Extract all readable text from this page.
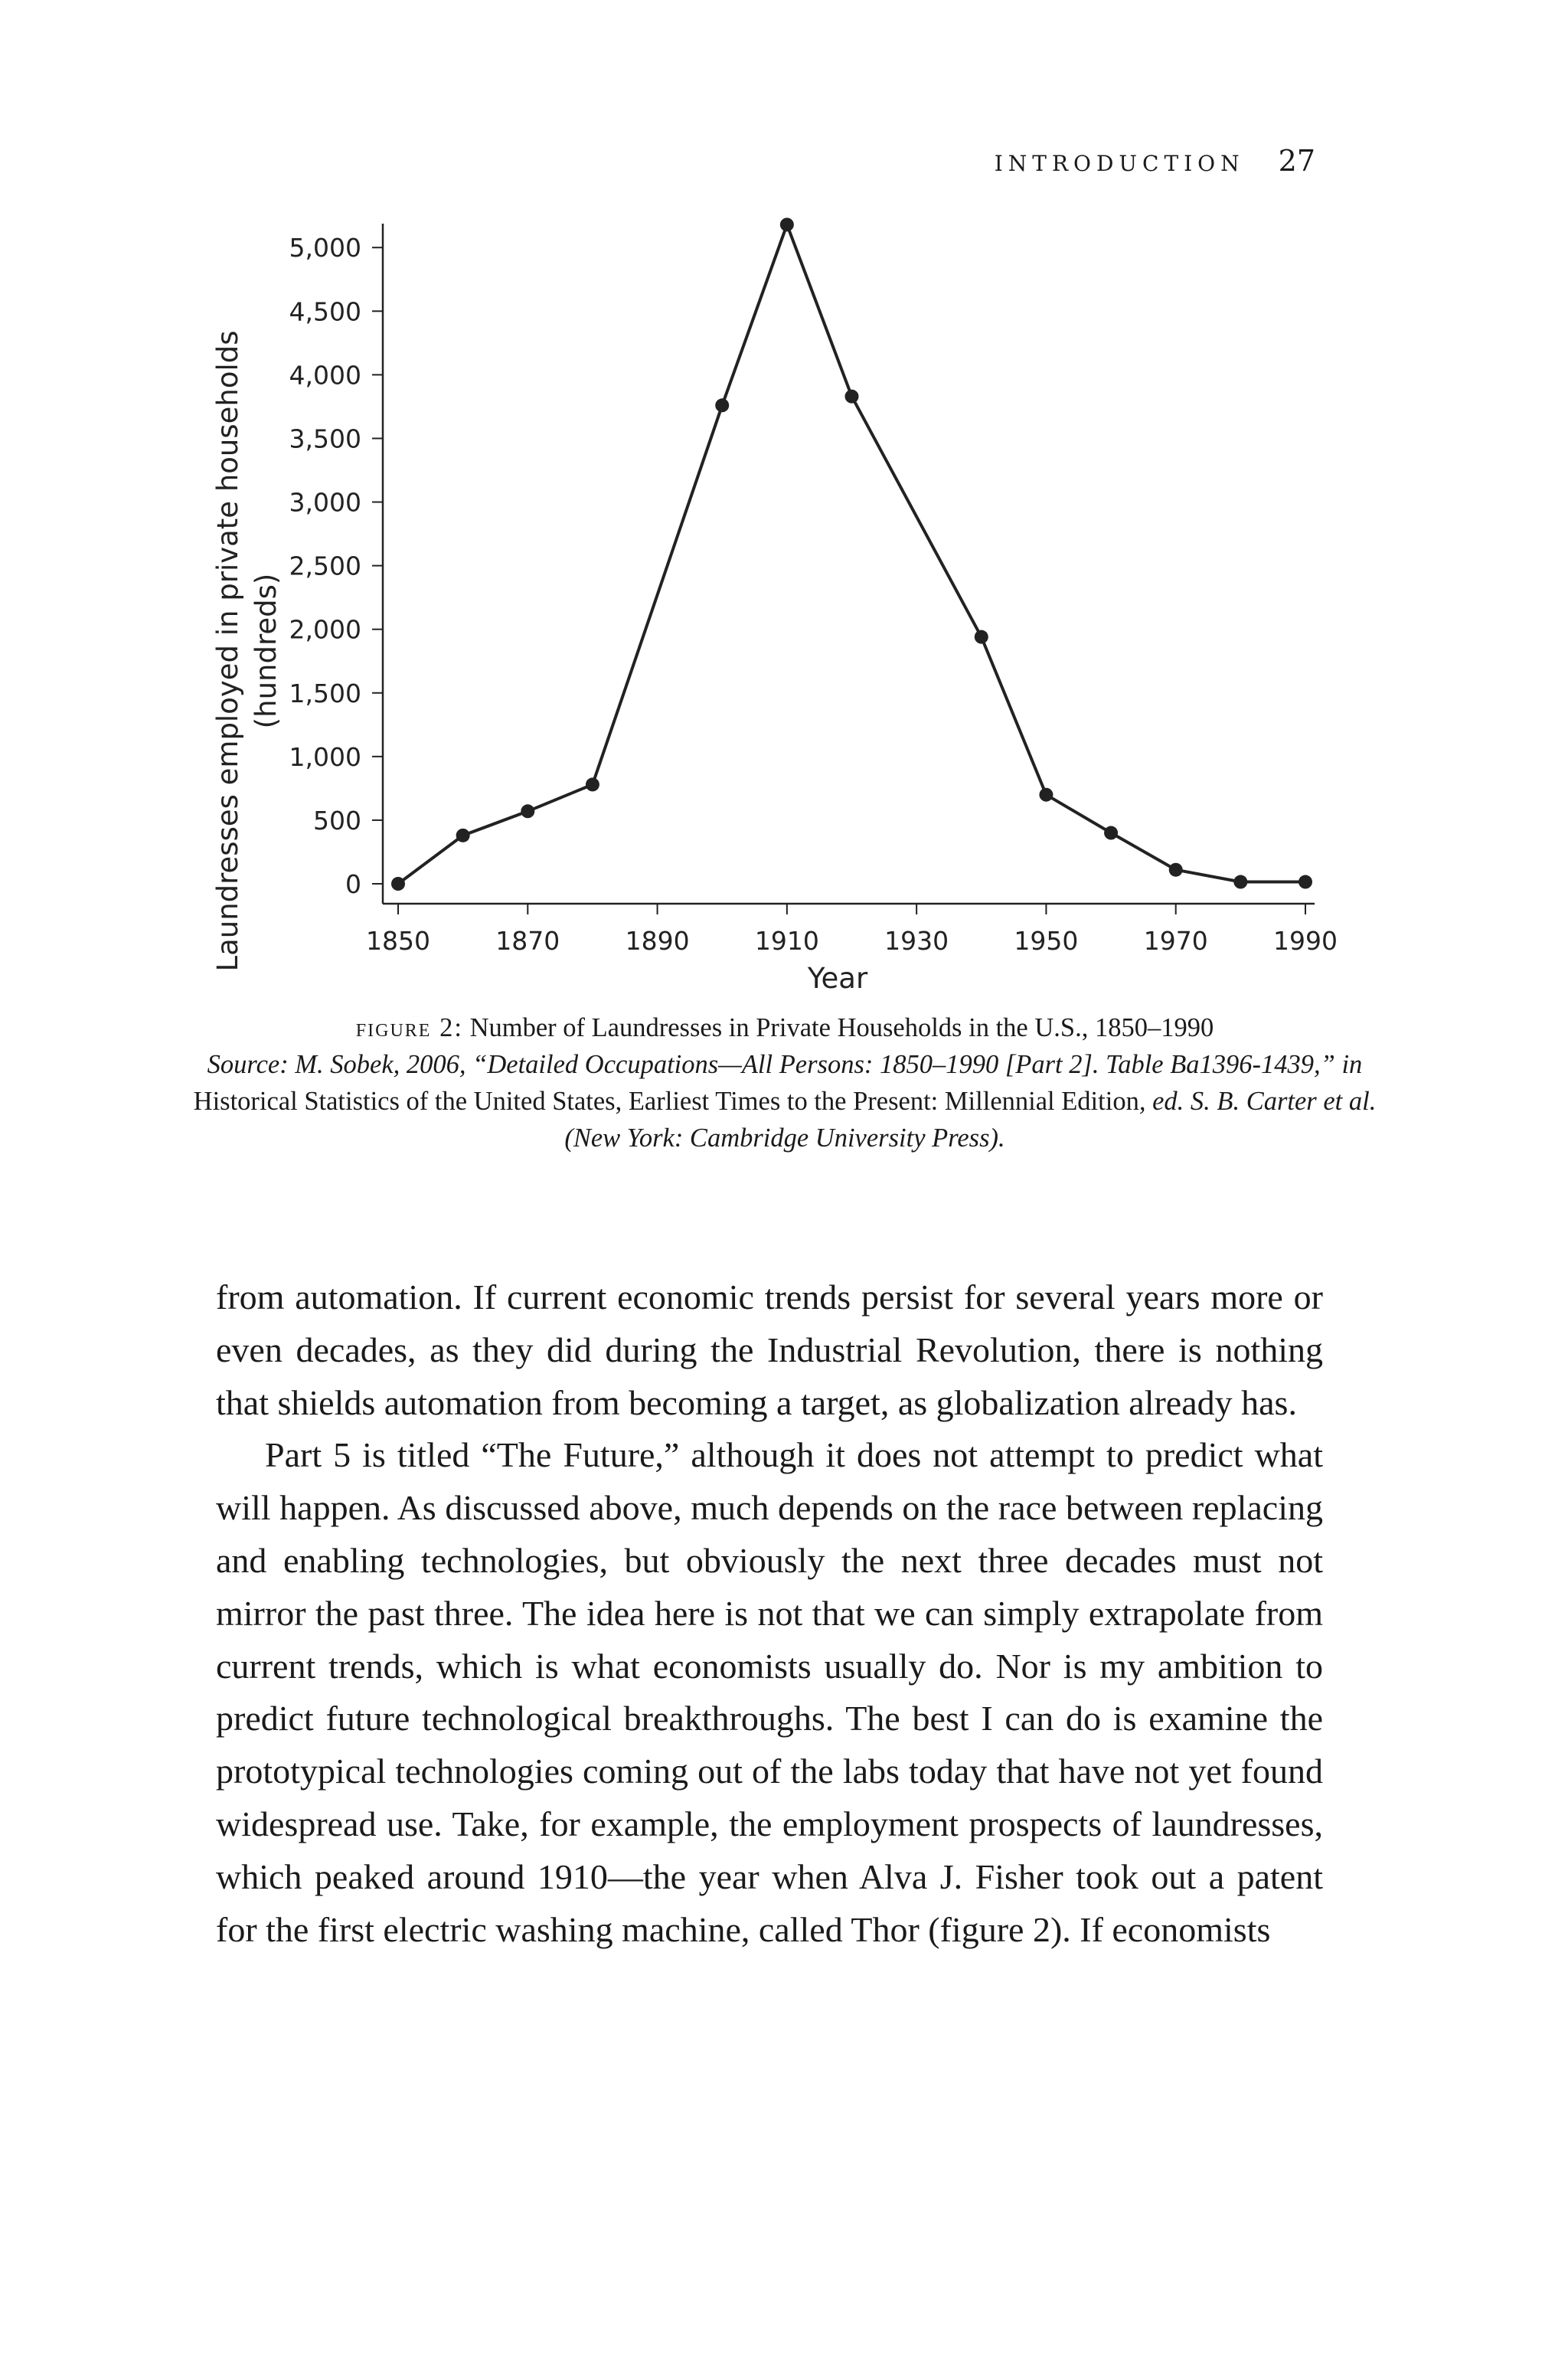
INTRODUCTION 27
0
500
1,000
1,500
2,000
2,500
3,000
3,500
4,000
4,500
5,000
1850	1870	1890	1910	1930	1950	1970	1990
Year
Laundresses employed in private households (hundreds)
figure 2: Number of Laundresses in Private Households in the U.S., 1850–1990
Source: M. Sobek, 2006, “Detailed Occupations—All Persons: 1850–1990 [Part 2]. Table Ba1396-1439,” in Historical Statistics of the United States, Earliest Times to the Present: Millennial Edition, ed. S. B. Carter et al. (New York: Cambridge University Press).

from automation. If current economic trends persist for several years more or even decades, as they did during the Industrial Revolution, there is nothing that shields automation from becoming a target, as globalization already has.

Part 5 is titled “The Future,” although it does not attempt to predict what will happen. As discussed above, much depends on the race between replacing and enabling technologies, but obviously the next three decades must not mirror the past three. The idea here is not that we can simply extrapolate from current trends, which is what economists usually do. Nor is my ambition to predict future technological breakthroughs. The best I can do is examine the prototypical technologies coming out of the labs today that have not yet found widespread use. Take, for example, the employment prospects of laundresses, which peaked around 1910—the year when Alva J. Fisher took out a patent for the first electric washing machine, called Thor (figure 2). If economists
